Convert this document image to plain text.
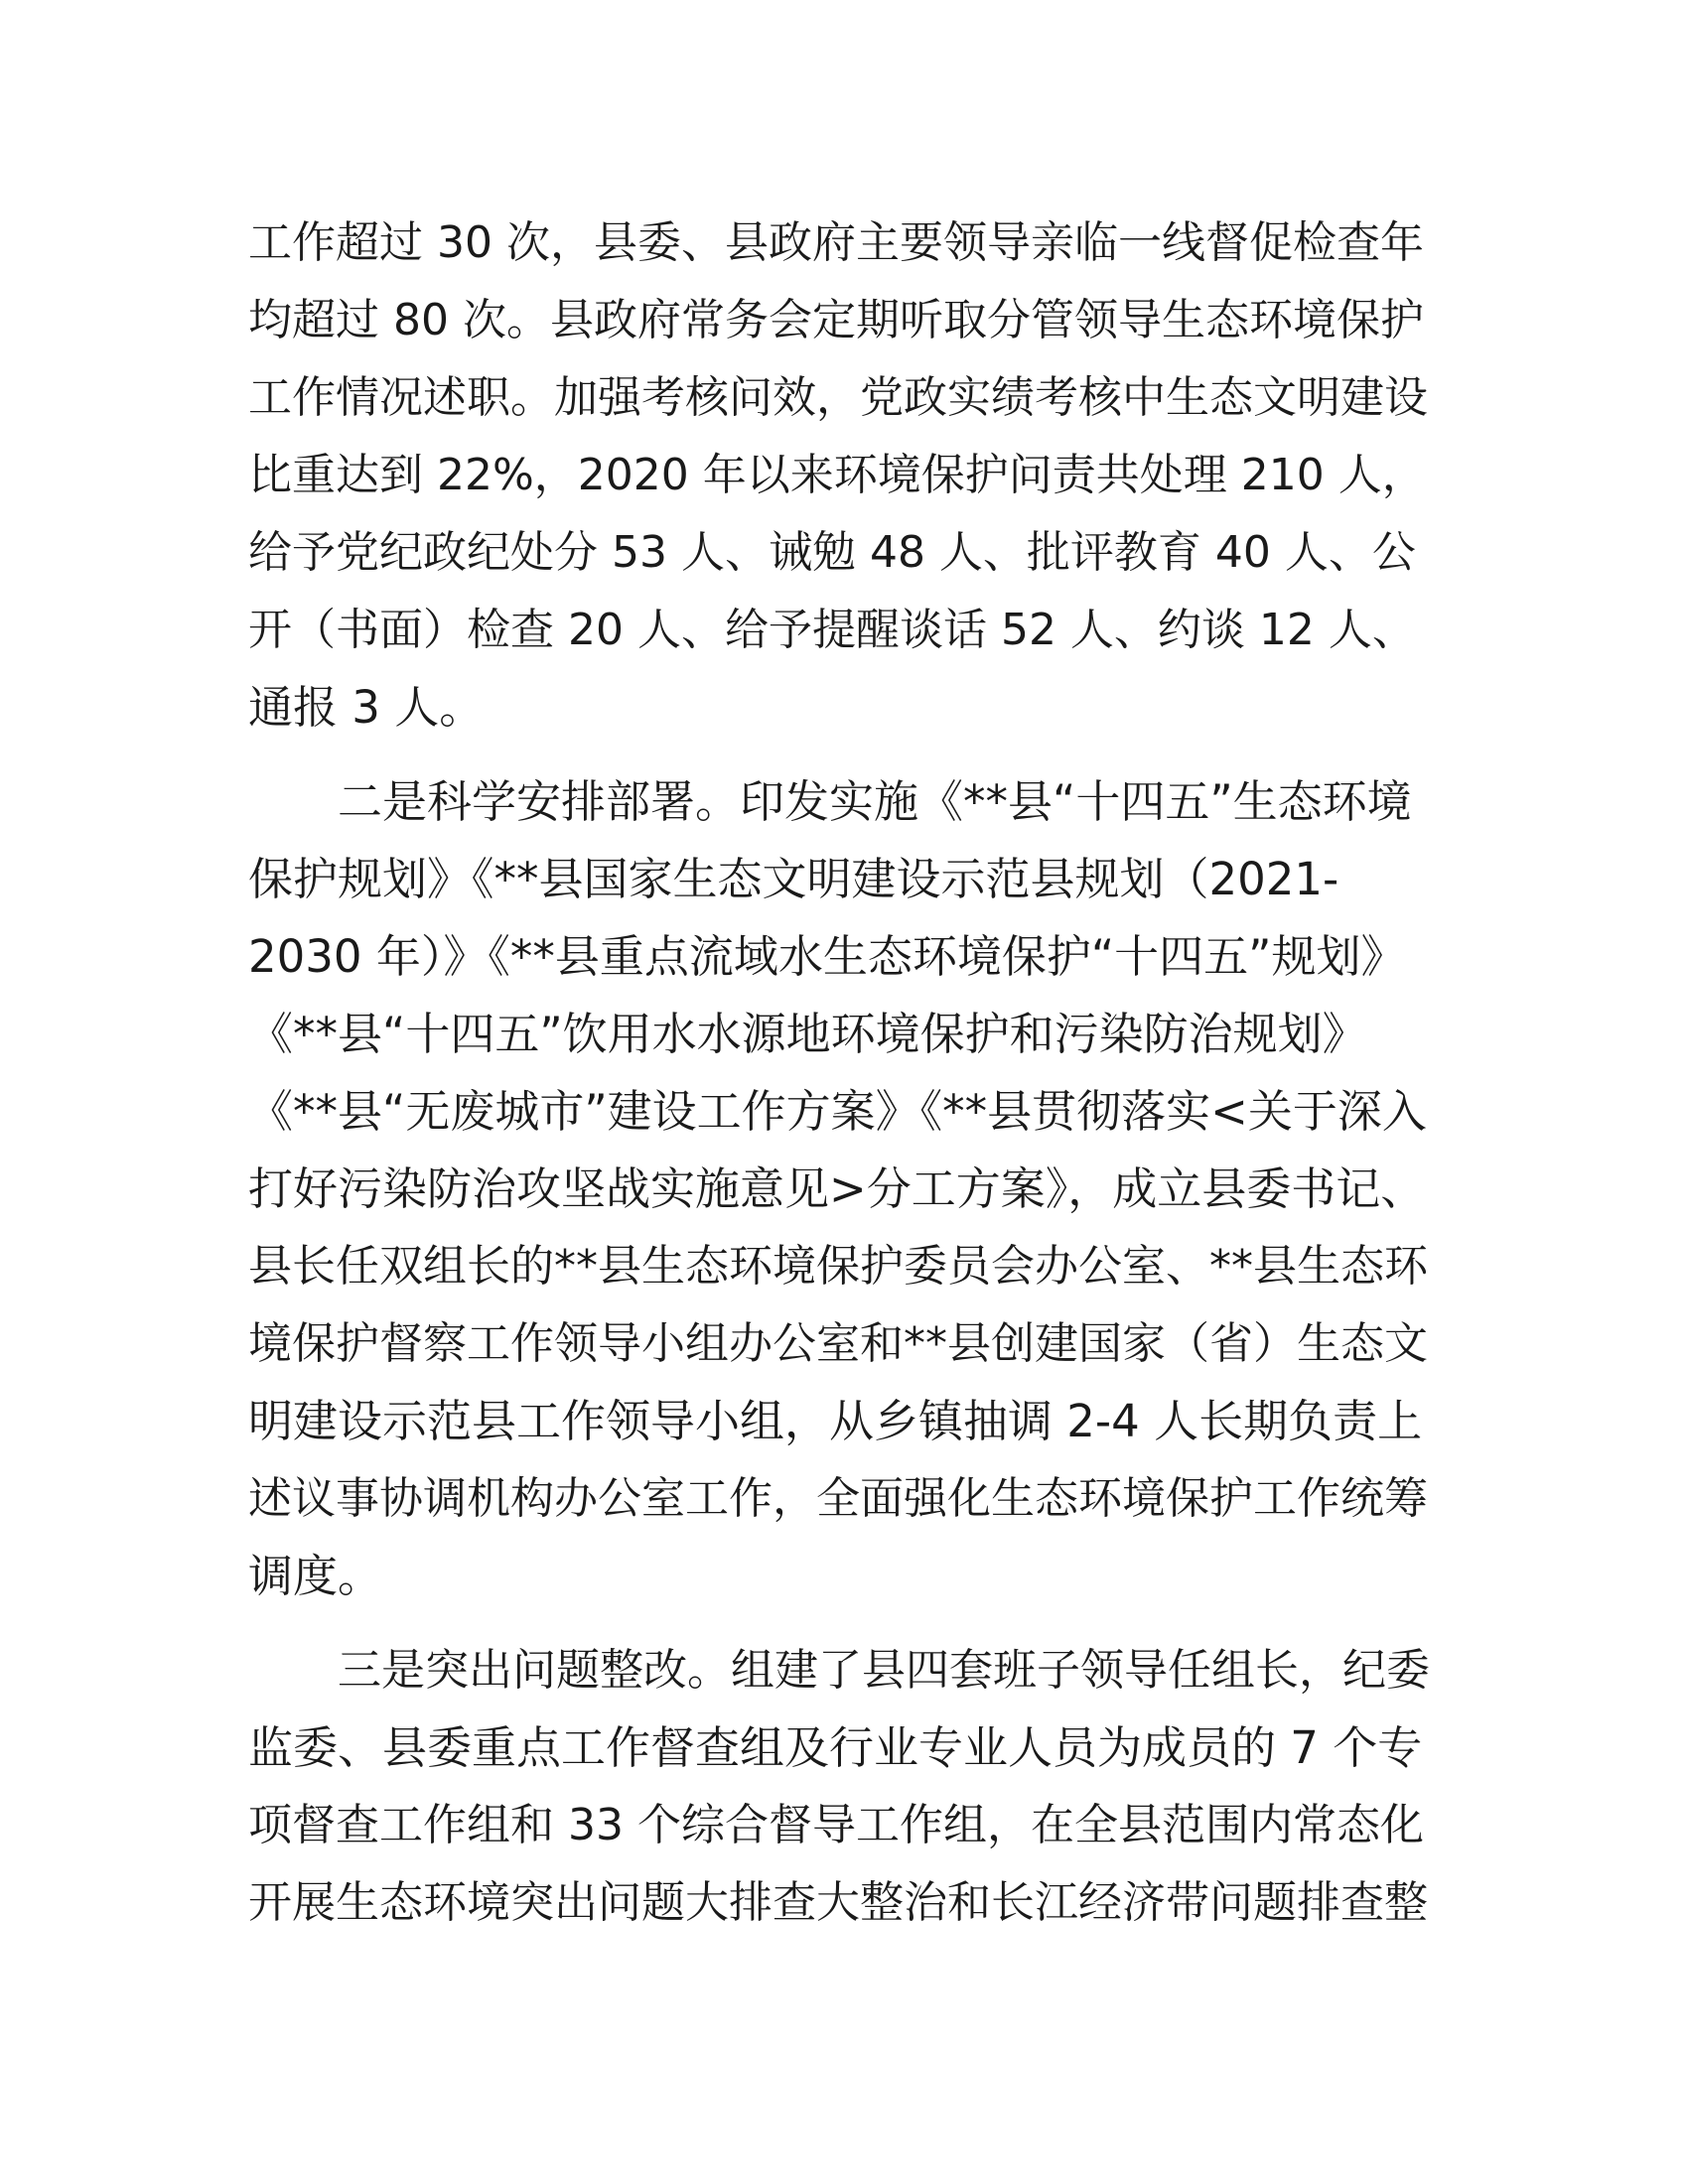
工作超过 30 次，县委、县政府主要领导亲临一线督促检查年
均超过 80 次。县政府常务会定期听取分管领导生态环境保护
工作情况述职。加强考核问效，党政实绩考核中生态文明建设
比重达到 22%，2020 年以来环境保护问责共处理 210 人，
给予党纪政纪处分 53 人、诫勉 48 人、批评教育 40 人、公
开（书面）检查 20 人、给予提醒谈话 52 人、约谈 12 人、
通报 3 人。
二是科学安排部署。印发实施《**县“十四五”生态环境
保护规划》《**县国家生态文明建设示范县规划（2021-
2030 年）》《**县重点流域水生态环境保护“十四五”规划》
《**县“十四五”饮用水水源地环境保护和污染防治规划》
《**县“无废城市”建设工作方案》《**县贯彻落实<关于深入
打好污染防治攻坚战实施意见>分工方案》，成立县委书记、
县长任双组长的**县生态环境保护委员会办公室、**县生态环
境保护督察工作领导小组办公室和**县创建国家（省）生态文
明建设示范县工作领导小组，从乡镇抽调 2-4 人长期负责上
述议事协调机构办公室工作，全面强化生态环境保护工作统筹
调度。
三是突出问题整改。组建了县四套班子领导任组长，纪委
监委、县委重点工作督查组及行业专业人员为成员的 7 个专
项督查工作组和 33 个综合督导工作组，在全县范围内常态化
开展生态环境突出问题大排查大整治和长江经济带问题排查整
